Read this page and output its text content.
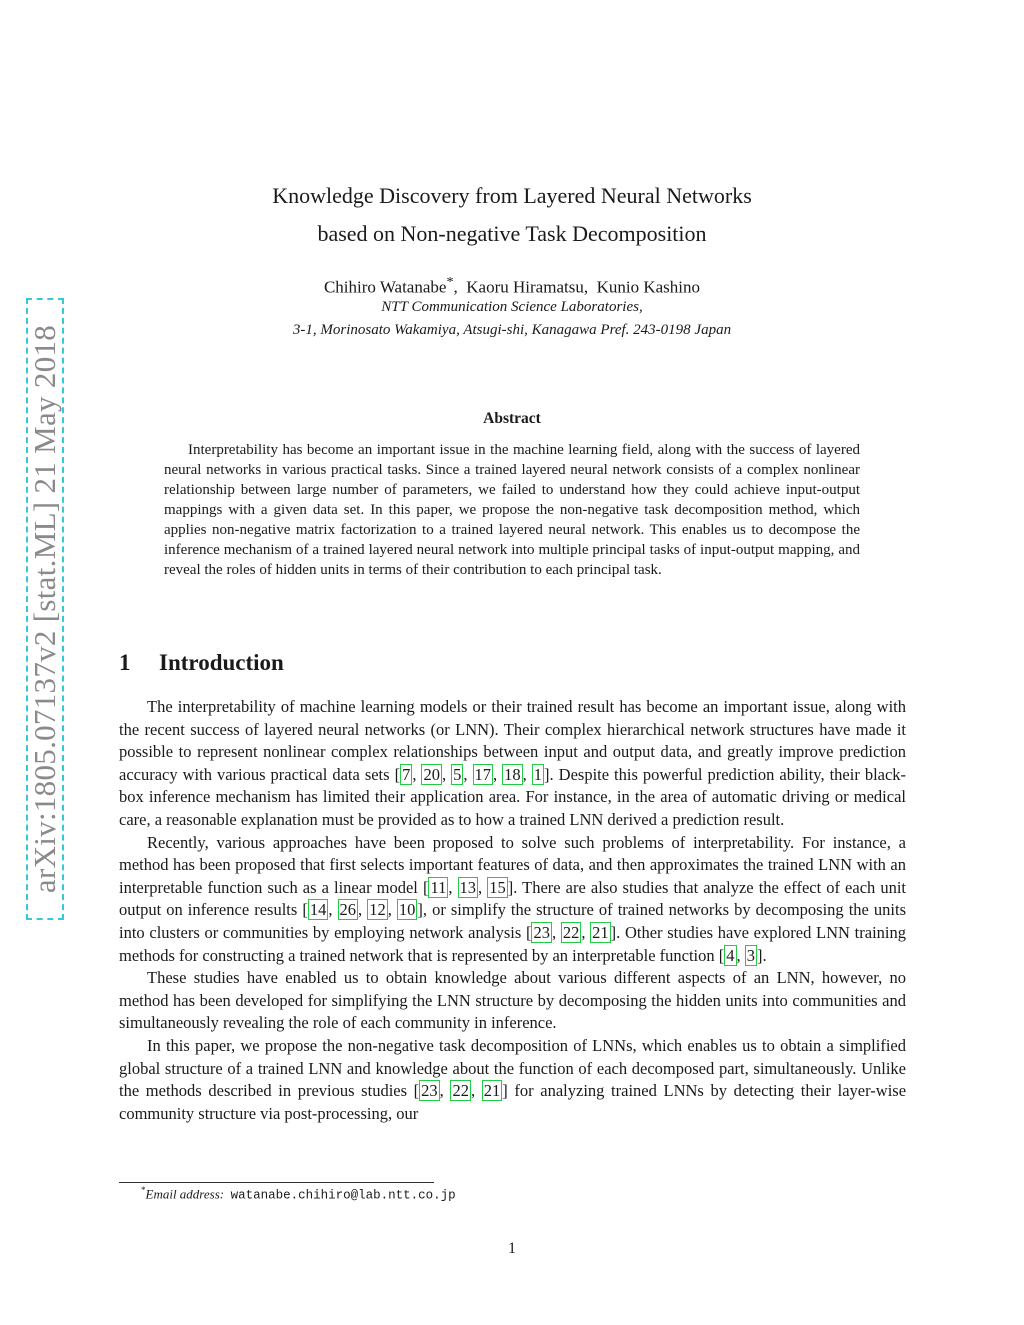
arXiv:1805.07137v2 [stat.ML] 21 May 2018
Knowledge Discovery from Layered Neural Networks
based on Non-negative Task Decomposition
Chihiro Watanabe*,  Kaoru Hiramatsu,  Kunio Kashino
NTT Communication Science Laboratories,
3-1, Morinosato Wakamiya, Atsugi-shi, Kanagawa Pref. 243-0198 Japan
Abstract

Interpretability has become an important issue in the machine learning field, along with the success of layered neural networks in various practical tasks. Since a trained layered neural network consists of a complex nonlinear relationship between large number of parameters, we failed to understand how they could achieve input-output mappings with a given data set. In this paper, we propose the non-negative task decomposition method, which applies non-negative matrix factorization to a trained layered neural network. This enables us to decompose the inference mechanism of a trained layered neural network into multiple principal tasks of input-output mapping, and reveal the roles of hidden units in terms of their contribution to each principal task.

1 Introduction

The interpretability of machine learning models or their trained result has become an important issue, along with the recent success of layered neural networks (or LNN). Their complex hierarchical network structures have made it possible to represent nonlinear complex relationships between input and output data, and greatly improve prediction accuracy with various practical data sets [ 7 , 20 , 5 , 17 , 18 , 1 ]. Despite this powerful prediction ability, their black-box inference mechanism has limited their application area. For instance, in the area of automatic driving or medical care, a reasonable explanation must be provided as to how a trained LNN derived a prediction result.

Recently, various approaches have been proposed to solve such problems of interpretability. For instance, a method has been proposed that first selects important features of data, and then approximates the trained LNN with an interpretable function such as a linear model [ 11 , 13 , 15 ]. There are also studies that analyze the effect of each unit output on inference results [ 14 , 26 , 12 , 10 ], or simplify the structure of trained networks by decomposing the units into clusters or communities by employing network analysis [ 23 , 22 , 21 ]. Other studies have explored LNN training methods for constructing a trained network that is represented by an interpretable function [ 4 , 3 ].

These studies have enabled us to obtain knowledge about various different aspects of an LNN, however, no method has been developed for simplifying the LNN structure by decomposing the hidden units into communities and simultaneously revealing the role of each community in inference.

In this paper, we propose the non-negative task decomposition of LNNs, which enables us to obtain a simplified global structure of a trained LNN and knowledge about the function of each decomposed part, simultaneously. Unlike the methods described in previous studies [ 23 , 22 , 21 ] for analyzing trained LNNs by detecting their layer-wise community structure via post-processing, our

*Email address: watanabe.chihiro@lab.ntt.co.jp
1
